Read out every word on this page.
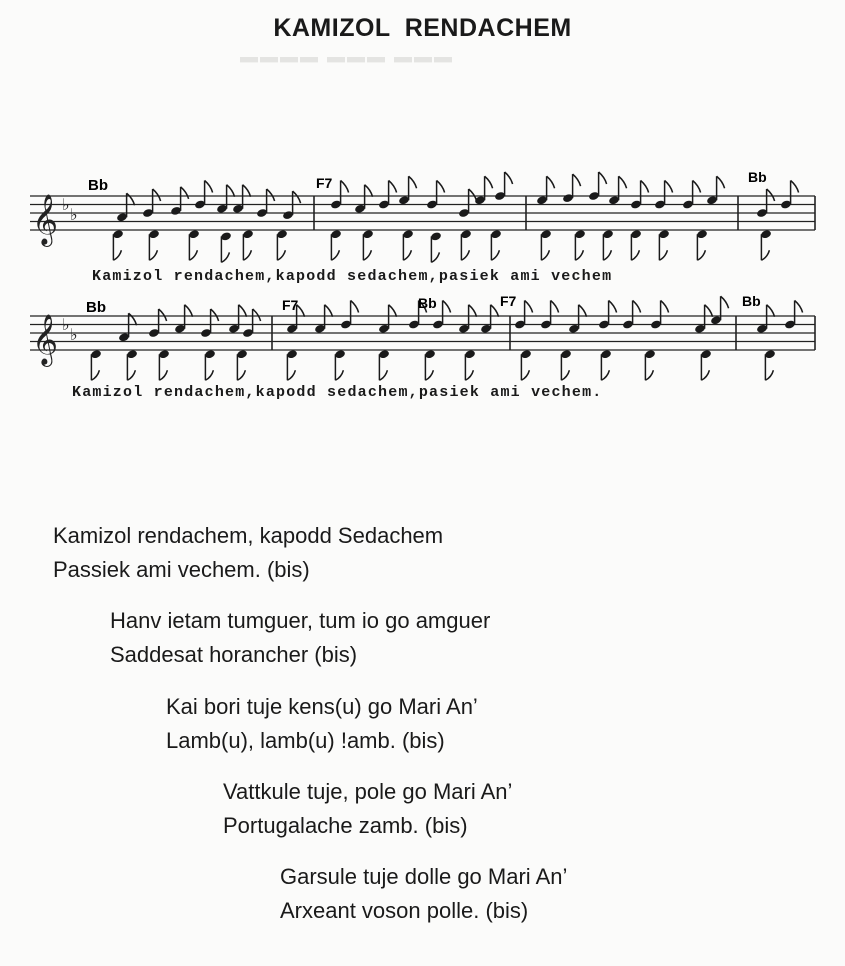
KAMIZOL RENDACHEM
▬▬▬▬ ▬▬▬ ▬▬▬
𝄞 ♭
♭
𝄞 ♭
♭
Bb	F7	Bb
Bb	F7	Bb	F7	Bb
Kamizol rendachem,kapodd sedachem,pasiek ami vechem
Kamizol rendachem,kapodd sedachem,pasiek ami vechem.
Kamizol rendachem, kapodd Sedachem
Passiek ami vechem. (bis)
Hanv ietam tumguer, tum io go amguer
Saddesat horancher (bis)
Kai bori tuje kens(u) go Mari An’
Lamb(u), lamb(u) !amb. (bis)
Vattkule tuje, pole go Mari An’
Portugalache zamb. (bis)
Garsule tuje dolle go Mari An’
Arxeant voson polle. (bis)
